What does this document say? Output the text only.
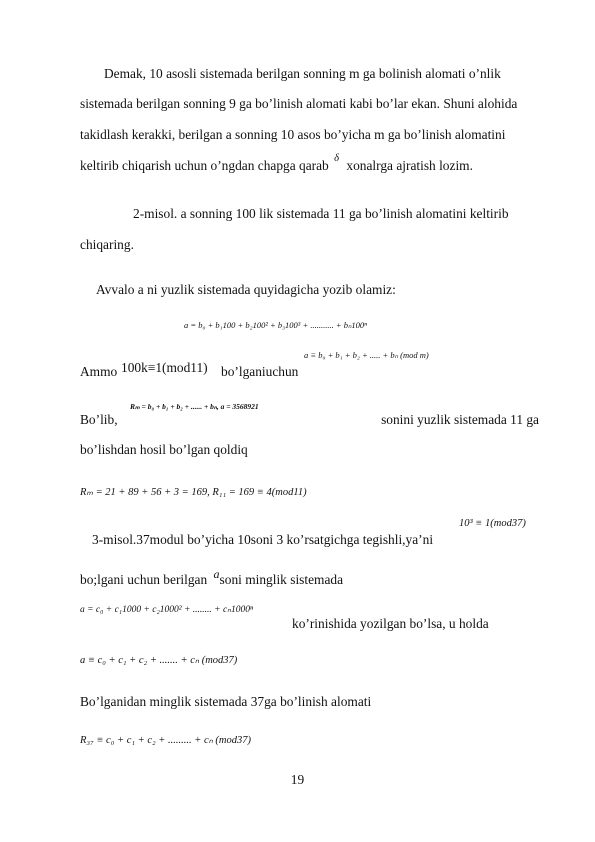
Demak, 10 asosli sistemada berilgan sonning m ga bolinish alomati o’nlik
sistemada berilgan sonning 9 ga bo’linish alomati kabi bo’lar ekan. Shuni alohida
takidlash kerakki, berilgan a sonning 10 asos bo’yicha m ga bo’linish alomatini
keltirib chiqarish uchun o’ngdan chapga qarab $^\delta$ xonalrga ajratish lozim.
2-misol. a sonning 100 lik sistemada 11 ga bo’linish alomatini keltirib
chiqaring.
Avvalo a ni yuzlik sistemada quyidagicha yozib olamiz:
a = b₀ + b₁100 + b₂100² + b₃100³ + ........... + bₙ100ⁿ
Ammo 100k≡1(mod11) bo’lganiuchun
a ≡ b₀ + b₁ + b₂ + ..... + bₙ (mod m)
Bo’lib,
Rₘ = b₀ + b₁ + b₂ + ...... + bₙ, a = 3568921
sonini yuzlik sistemada 11 ga
bo’lishdan hosil bo’lgan qoldiq
Rₘ = 21 + 89 + 56 + 3 = 169, R₁₁ = 169 ≡ 4(mod11)
3-misol.37modul bo’yicha 10soni 3 ko’rsatgichga tegishli,ya’ni
10³ ≡ 1(mod37)
bo;lgani uchun berilgan asoni minglik sistemada
a = c₀ + c₁1000 + c₂1000² + ........ + cₙ1000ⁿ
ko’rinishida yozilgan bo’lsa, u holda
a ≡ c₀ + c₁ + c₂ + ....... + cₙ (mod37)
Bo’lganidan minglik sistemada 37ga bo’linish alomati
R₃₇ ≡ c₀ + c₁ + c₂ + ......... + cₙ (mod37)
19
